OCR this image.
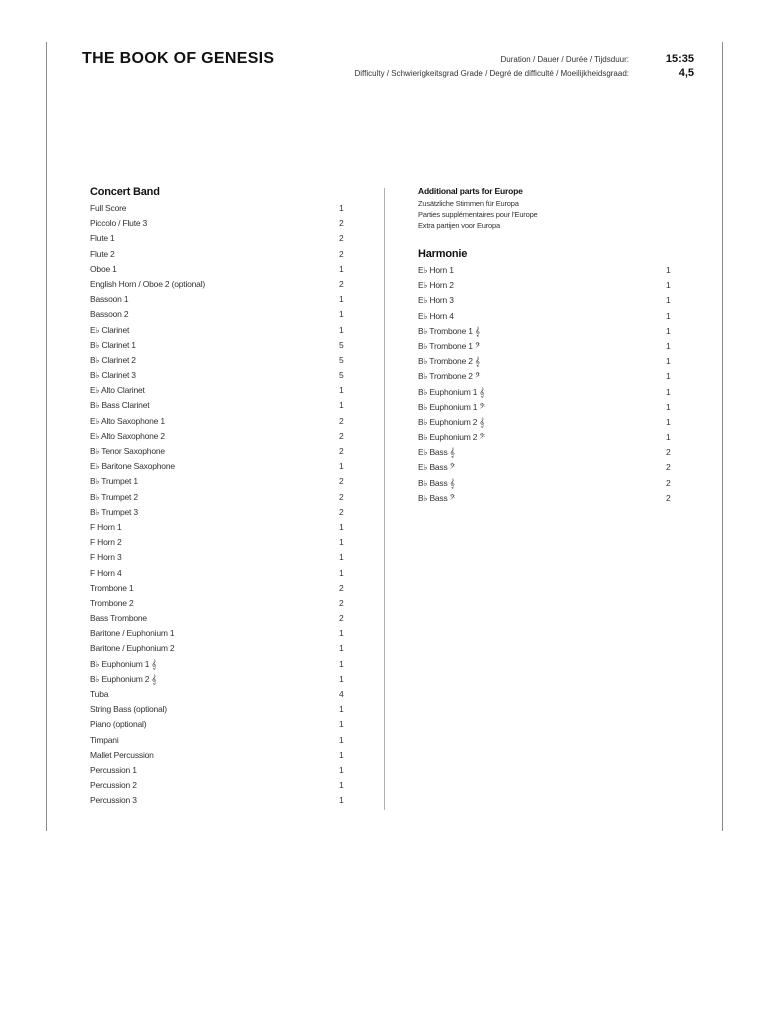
THE BOOK OF GENESIS	Duration / Dauer / Durée / Tijdsduur:	15:35
Difficulty / Schwierigkeitsgrad Grade / Degré de difficulté / Moeilijkheidsgraad:	4,5
Concert Band
Full Score	1
Piccolo / Flute 3	2
Flute 1	2
Flute 2	2
Oboe 1	1
English Horn / Oboe 2 (optional)	2
Bassoon 1	1
Bassoon 2	1
E♭ Clarinet	1
B♭ Clarinet 1	5
B♭ Clarinet 2	5
B♭ Clarinet 3	5
E♭ Alto Clarinet	1
B♭ Bass Clarinet	1
E♭ Alto Saxophone 1	2
E♭ Alto Saxophone 2	2
B♭ Tenor Saxophone	2
E♭ Baritone Saxophone	1
B♭ Trumpet 1	2
B♭ Trumpet 2	2
B♭ Trumpet 3	2
F Horn 1	1
F Horn 2	1
F Horn 3	1
F Horn 4	1
Trombone 1	2
Trombone 2	2
Bass Trombone	2
Baritone / Euphonium 1	1
Baritone / Euphonium 2	1
B♭ Euphonium 1 𝄞	1
B♭ Euphonium 2 𝄞	1
Tuba	4
String Bass (optional)	1
Piano (optional)	1
Timpani	1
Mallet Percussion	1
Percussion 1	1
Percussion 2	1
Percussion 3	1
Additional parts for Europe
Zusätzliche Stimmen für Europa
Parties supplémentaires pour l'Europe
Extra partijen voor Europa
Harmonie
E♭ Horn 1	1
E♭ Horn 2	1
E♭ Horn 3	1
E♭ Horn 4	1
B♭ Trombone 1 𝄞	1
B♭ Trombone 1 𝄢	1
B♭ Trombone 2 𝄞	1
B♭ Trombone 2 𝄢	1
B♭ Euphonium 1 𝄞	1
B♭ Euphonium 1 𝄢	1
B♭ Euphonium 2 𝄞	1
B♭ Euphonium 2 𝄢	1
E♭ Bass 𝄞	2
E♭ Bass 𝄢	2
B♭ Bass 𝄞	2
B♭ Bass 𝄢	2
